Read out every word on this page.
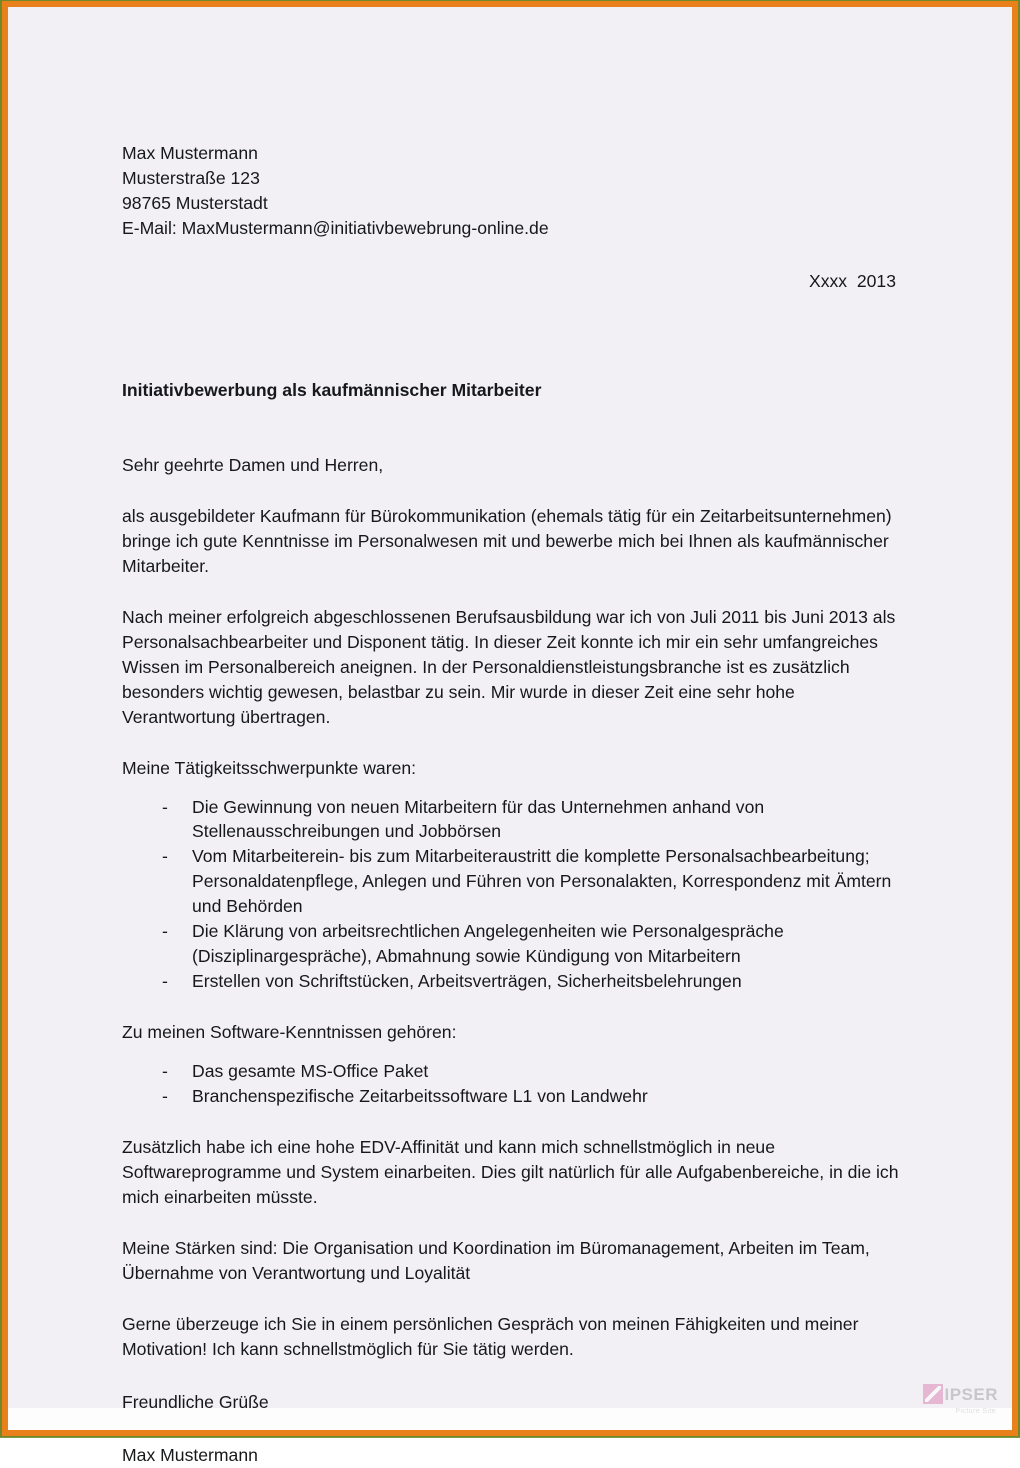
Max Mustermann

Musterstraße 123

98765 Musterstadt

E-Mail: MaxMustermann@initiativbewebrung-online.de

Xxxx  2013

Initiativbewerbung als kaufmännischer Mitarbeiter

Sehr geehrte Damen und Herren,

als ausgebildeter Kaufmann für Bürokommunikation (ehemals tätig für ein Zeitarbeitsunternehmen) bringe ich gute Kenntnisse im Personalwesen mit und bewerbe mich bei Ihnen als kaufmännischer Mitarbeiter.

Nach meiner erfolgreich abgeschlossenen Berufsausbildung war ich von Juli 2011 bis Juni 2013 als Personalsachbearbeiter und Disponent tätig. In dieser Zeit konnte ich mir ein sehr umfangreiches Wissen im Personalbereich aneignen. In der Personaldienstleistungsbranche ist es zusätzlich besonders wichtig gewesen, belastbar zu sein. Mir wurde in dieser Zeit eine sehr hohe Verantwortung übertragen.

Meine Tätigkeitsschwerpunkte waren:

- Die Gewinnung von neuen Mitarbeitern für das Unternehmen anhand von Stellenausschreibungen und Jobbörsen
- Vom Mitarbeiterein- bis zum Mitarbeiteraustritt die komplette Personalsachbearbeitung; Personaldatenpflege, Anlegen und Führen von Personalakten, Korrespondenz mit Ämtern und Behörden
- Die Klärung von arbeitsrechtlichen Angelegenheiten wie Personalgespräche (Disziplinargespräche), Abmahnung sowie Kündigung von Mitarbeitern
- Erstellen von Schriftstücken, Arbeitsverträgen, Sicherheitsbelehrungen

Zu meinen Software-Kenntnissen gehören:

- Das gesamte MS-Office Paket
- Branchenspezifische Zeitarbeitssoftware L1 von Landwehr

Zusätzlich habe ich eine hohe EDV-Affinität und kann mich schnellstmöglich in neue Softwareprogramme und System einarbeiten. Dies gilt natürlich für alle Aufgabenbereiche, in die ich mich einarbeiten müsste.

Meine Stärken sind: Die Organisation und Koordination im Büromanagement, Arbeiten im Team, Übernahme von Verantwortung und Loyalität

Gerne überzeuge ich Sie in einem persönlichen Gespräch von meinen Fähigkeiten und meiner Motivation! Ich kann schnellstmöglich für Sie tätig werden.

Freundliche Grüße

Max Mustermann

IPSER
Picture Site
